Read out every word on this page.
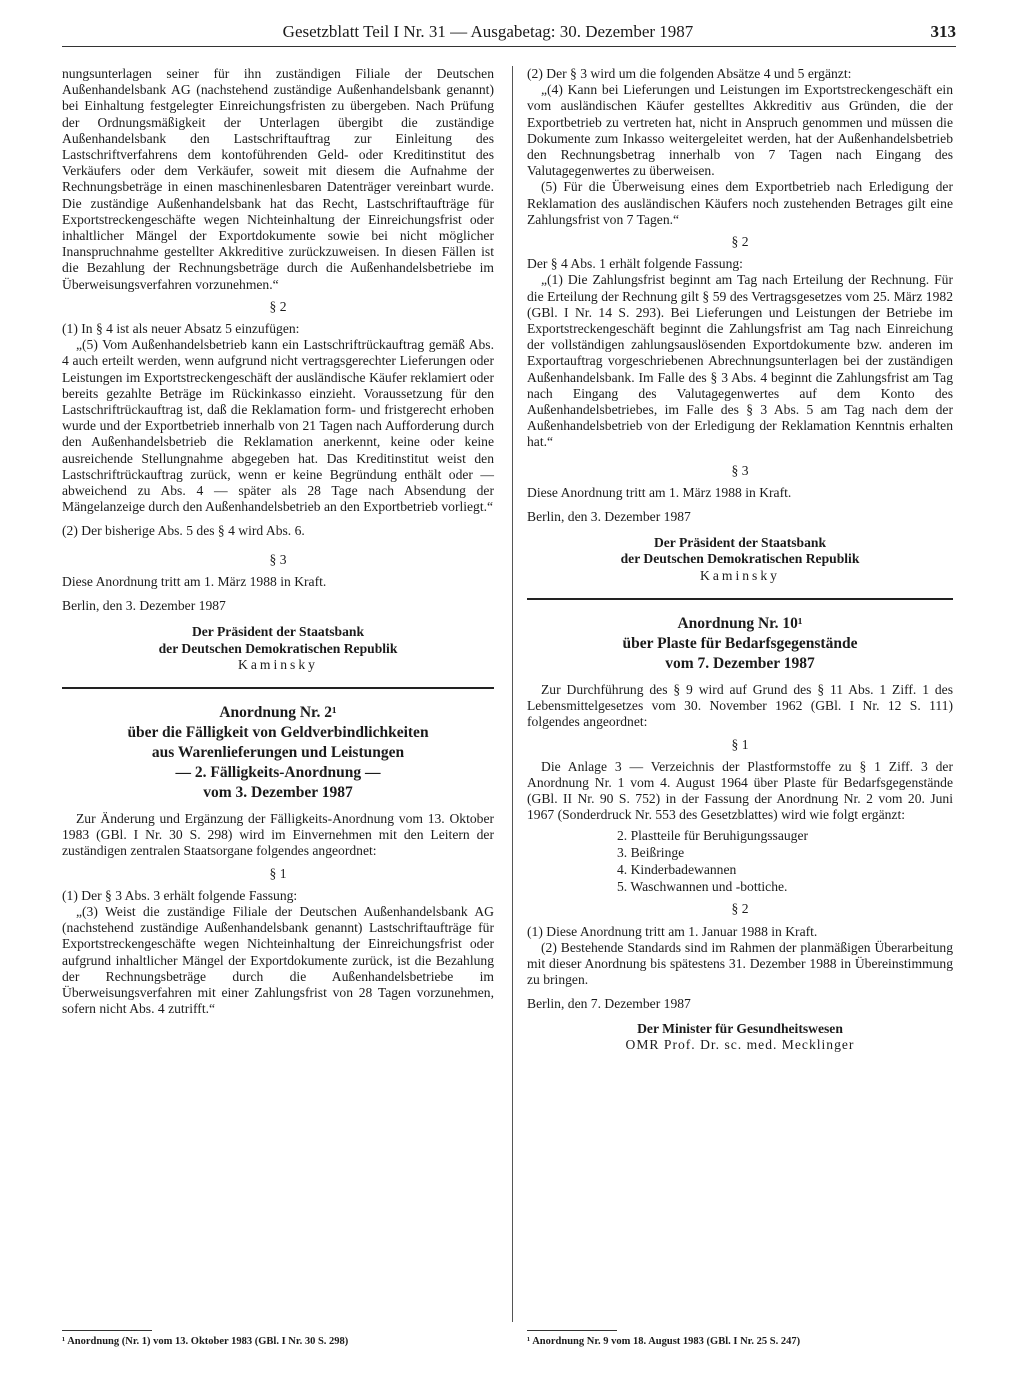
Gesetzblatt Teil I Nr. 31 — Ausgabetag: 30. Dezember 1987	313

nungsunterlagen seiner für ihn zuständigen Filiale der Deutschen Außenhandelsbank AG (nachstehend zuständige Außenhandelsbank genannt) bei Einhaltung festgelegter Einreichungsfristen zu übergeben. Nach Prüfung der Ordnungsmäßigkeit der Unterlagen übergibt die zuständige Außenhandelsbank den Lastschriftauftrag zur Einleitung des Lastschriftverfahrens dem kontoführenden Geld- oder Kreditinstitut des Verkäufers oder dem Verkäufer, soweit mit diesem die Aufnahme der Rechnungsbeträge in einen maschinenlesbaren Datenträger vereinbart wurde. Die zuständige Außenhandelsbank hat das Recht, Lastschriftaufträge für Exportstreckengeschäfte wegen Nichteinhaltung der Einreichungsfrist oder inhaltlicher Mängel der Exportdokumente sowie bei nicht möglicher Inanspruchnahme gestellter Akkreditive zurückzuweisen. In diesen Fällen ist die Bezahlung der Rechnungsbeträge durch die Außenhandelsbetriebe im Überweisungsverfahren vorzunehmen.“

§ 2

(1) In § 4 ist als neuer Absatz 5 einzufügen:

„(5) Vom Außenhandelsbetrieb kann ein Lastschriftrückauftrag gemäß Abs. 4 auch erteilt werden, wenn aufgrund nicht vertragsgerechter Lieferungen oder Leistungen im Exportstreckengeschäft der ausländische Käufer reklamiert oder bereits gezahlte Beträge im Rückinkasso einzieht. Voraussetzung für den Lastschriftrückauftrag ist, daß die Reklamation form- und fristgerecht erhoben wurde und der Exportbetrieb innerhalb von 21 Tagen nach Aufforderung durch den Außenhandelsbetrieb die Reklamation anerkennt, keine oder keine ausreichende Stellungnahme abgegeben hat. Das Kreditinstitut weist den Lastschriftrückauftrag zurück, wenn er keine Begründung enthält oder — abweichend zu Abs. 4 — später als 28 Tage nach Absendung der Mängelanzeige durch den Außenhandelsbetrieb an den Exportbetrieb vorliegt.“

(2) Der bisherige Abs. 5 des § 4 wird Abs. 6.

§ 3

Diese Anordnung tritt am 1. März 1988 in Kraft.

Berlin, den 3. Dezember 1987

Der Präsident der Staatsbank
der Deutschen Demokratischen Republik
Kaminsky
Anordnung Nr. 2¹
über die Fälligkeit von Geldverbindlichkeiten
aus Warenlieferungen und Leistungen
— 2. Fälligkeits-Anordnung —
vom 3. Dezember 1987

Zur Änderung und Ergänzung der Fälligkeits-Anordnung vom 13. Oktober 1983 (GBl. I Nr. 30 S. 298) wird im Einvernehmen mit den Leitern der zuständigen zentralen Staatsorgane folgendes angeordnet:

§ 1

(1) Der § 3 Abs. 3 erhält folgende Fassung:

„(3) Weist die zuständige Filiale der Deutschen Außenhandelsbank AG (nachstehend zuständige Außenhandelsbank genannt) Lastschriftaufträge für Exportstreckengeschäfte wegen Nichteinhaltung der Einreichungsfrist oder aufgrund inhaltlicher Mängel der Exportdokumente zurück, ist die Bezahlung der Rechnungsbeträge durch die Außenhandelsbetriebe im Überweisungsverfahren mit einer Zahlungsfrist von 28 Tagen vorzunehmen, sofern nicht Abs. 4 zutrifft.“

(2) Der § 3 wird um die folgenden Absätze 4 und 5 ergänzt:

„(4) Kann bei Lieferungen und Leistungen im Exportstreckengeschäft ein vom ausländischen Käufer gestelltes Akkreditiv aus Gründen, die der Exportbetrieb zu vertreten hat, nicht in Anspruch genommen und müssen die Dokumente zum Inkasso weitergeleitet werden, hat der Außenhandelsbetrieb den Rechnungsbetrag innerhalb von 7 Tagen nach Eingang des Valutagegenwertes zu überweisen.

(5) Für die Überweisung eines dem Exportbetrieb nach Erledigung der Reklamation des ausländischen Käufers noch zustehenden Betrages gilt eine Zahlungsfrist von 7 Tagen.“

§ 2

Der § 4 Abs. 1 erhält folgende Fassung:

„(1) Die Zahlungsfrist beginnt am Tag nach Erteilung der Rechnung. Für die Erteilung der Rechnung gilt § 59 des Vertragsgesetzes vom 25. März 1982 (GBl. I Nr. 14 S. 293). Bei Lieferungen und Leistungen der Betriebe im Exportstreckengeschäft beginnt die Zahlungsfrist am Tag nach Einreichung der vollständigen zahlungsauslösenden Exportdokumente bzw. anderen im Exportauftrag vorgeschriebenen Abrechnungsunterlagen bei der zuständigen Außenhandelsbank. Im Falle des § 3 Abs. 4 beginnt die Zahlungsfrist am Tag nach Eingang des Valutagegenwertes auf dem Konto des Außenhandelsbetriebes, im Falle des § 3 Abs. 5 am Tag nach dem der Außenhandelsbetrieb von der Erledigung der Reklamation Kenntnis erhalten hat.“

§ 3

Diese Anordnung tritt am 1. März 1988 in Kraft.

Berlin, den 3. Dezember 1987

Der Präsident der Staatsbank
der Deutschen Demokratischen Republik
Kaminsky
Anordnung Nr. 10¹
über Plaste für Bedarfsgegenstände
vom 7. Dezember 1987

Zur Durchführung des § 9 wird auf Grund des § 11 Abs. 1 Ziff. 1 des Lebensmittelgesetzes vom 30. November 1962 (GBl. I Nr. 12 S. 111) folgendes angeordnet:

§ 1

Die Anlage 3 — Verzeichnis der Plastformstoffe zu § 1 Ziff. 3 der Anordnung Nr. 1 vom 4. August 1964 über Plaste für Bedarfsgegenstände (GBl. II Nr. 90 S. 752) in der Fassung der Anordnung Nr. 2 vom 20. Juni 1967 (Sonderdruck Nr. 553 des Gesetzblattes) wird wie folgt ergänzt:

2. Plastteile für Beruhigungssauger
3. Beißringe
4. Kinderbadewannen
5. Waschwannen und -bottiche.
§ 2

(1) Diese Anordnung tritt am 1. Januar 1988 in Kraft.

(2) Bestehende Standards sind im Rahmen der planmäßigen Überarbeitung mit dieser Anordnung bis spätestens 31. Dezember 1988 in Übereinstimmung zu bringen.

Berlin, den 7. Dezember 1987

Der Minister für Gesundheitswesen
OMR Prof. Dr. sc. med. Mecklinger
¹ Anordnung (Nr. 1) vom 13. Oktober 1983 (GBl. I Nr. 30 S. 298)	¹ Anordnung Nr. 9 vom 18. August 1983 (GBl. I Nr. 25 S. 247)
